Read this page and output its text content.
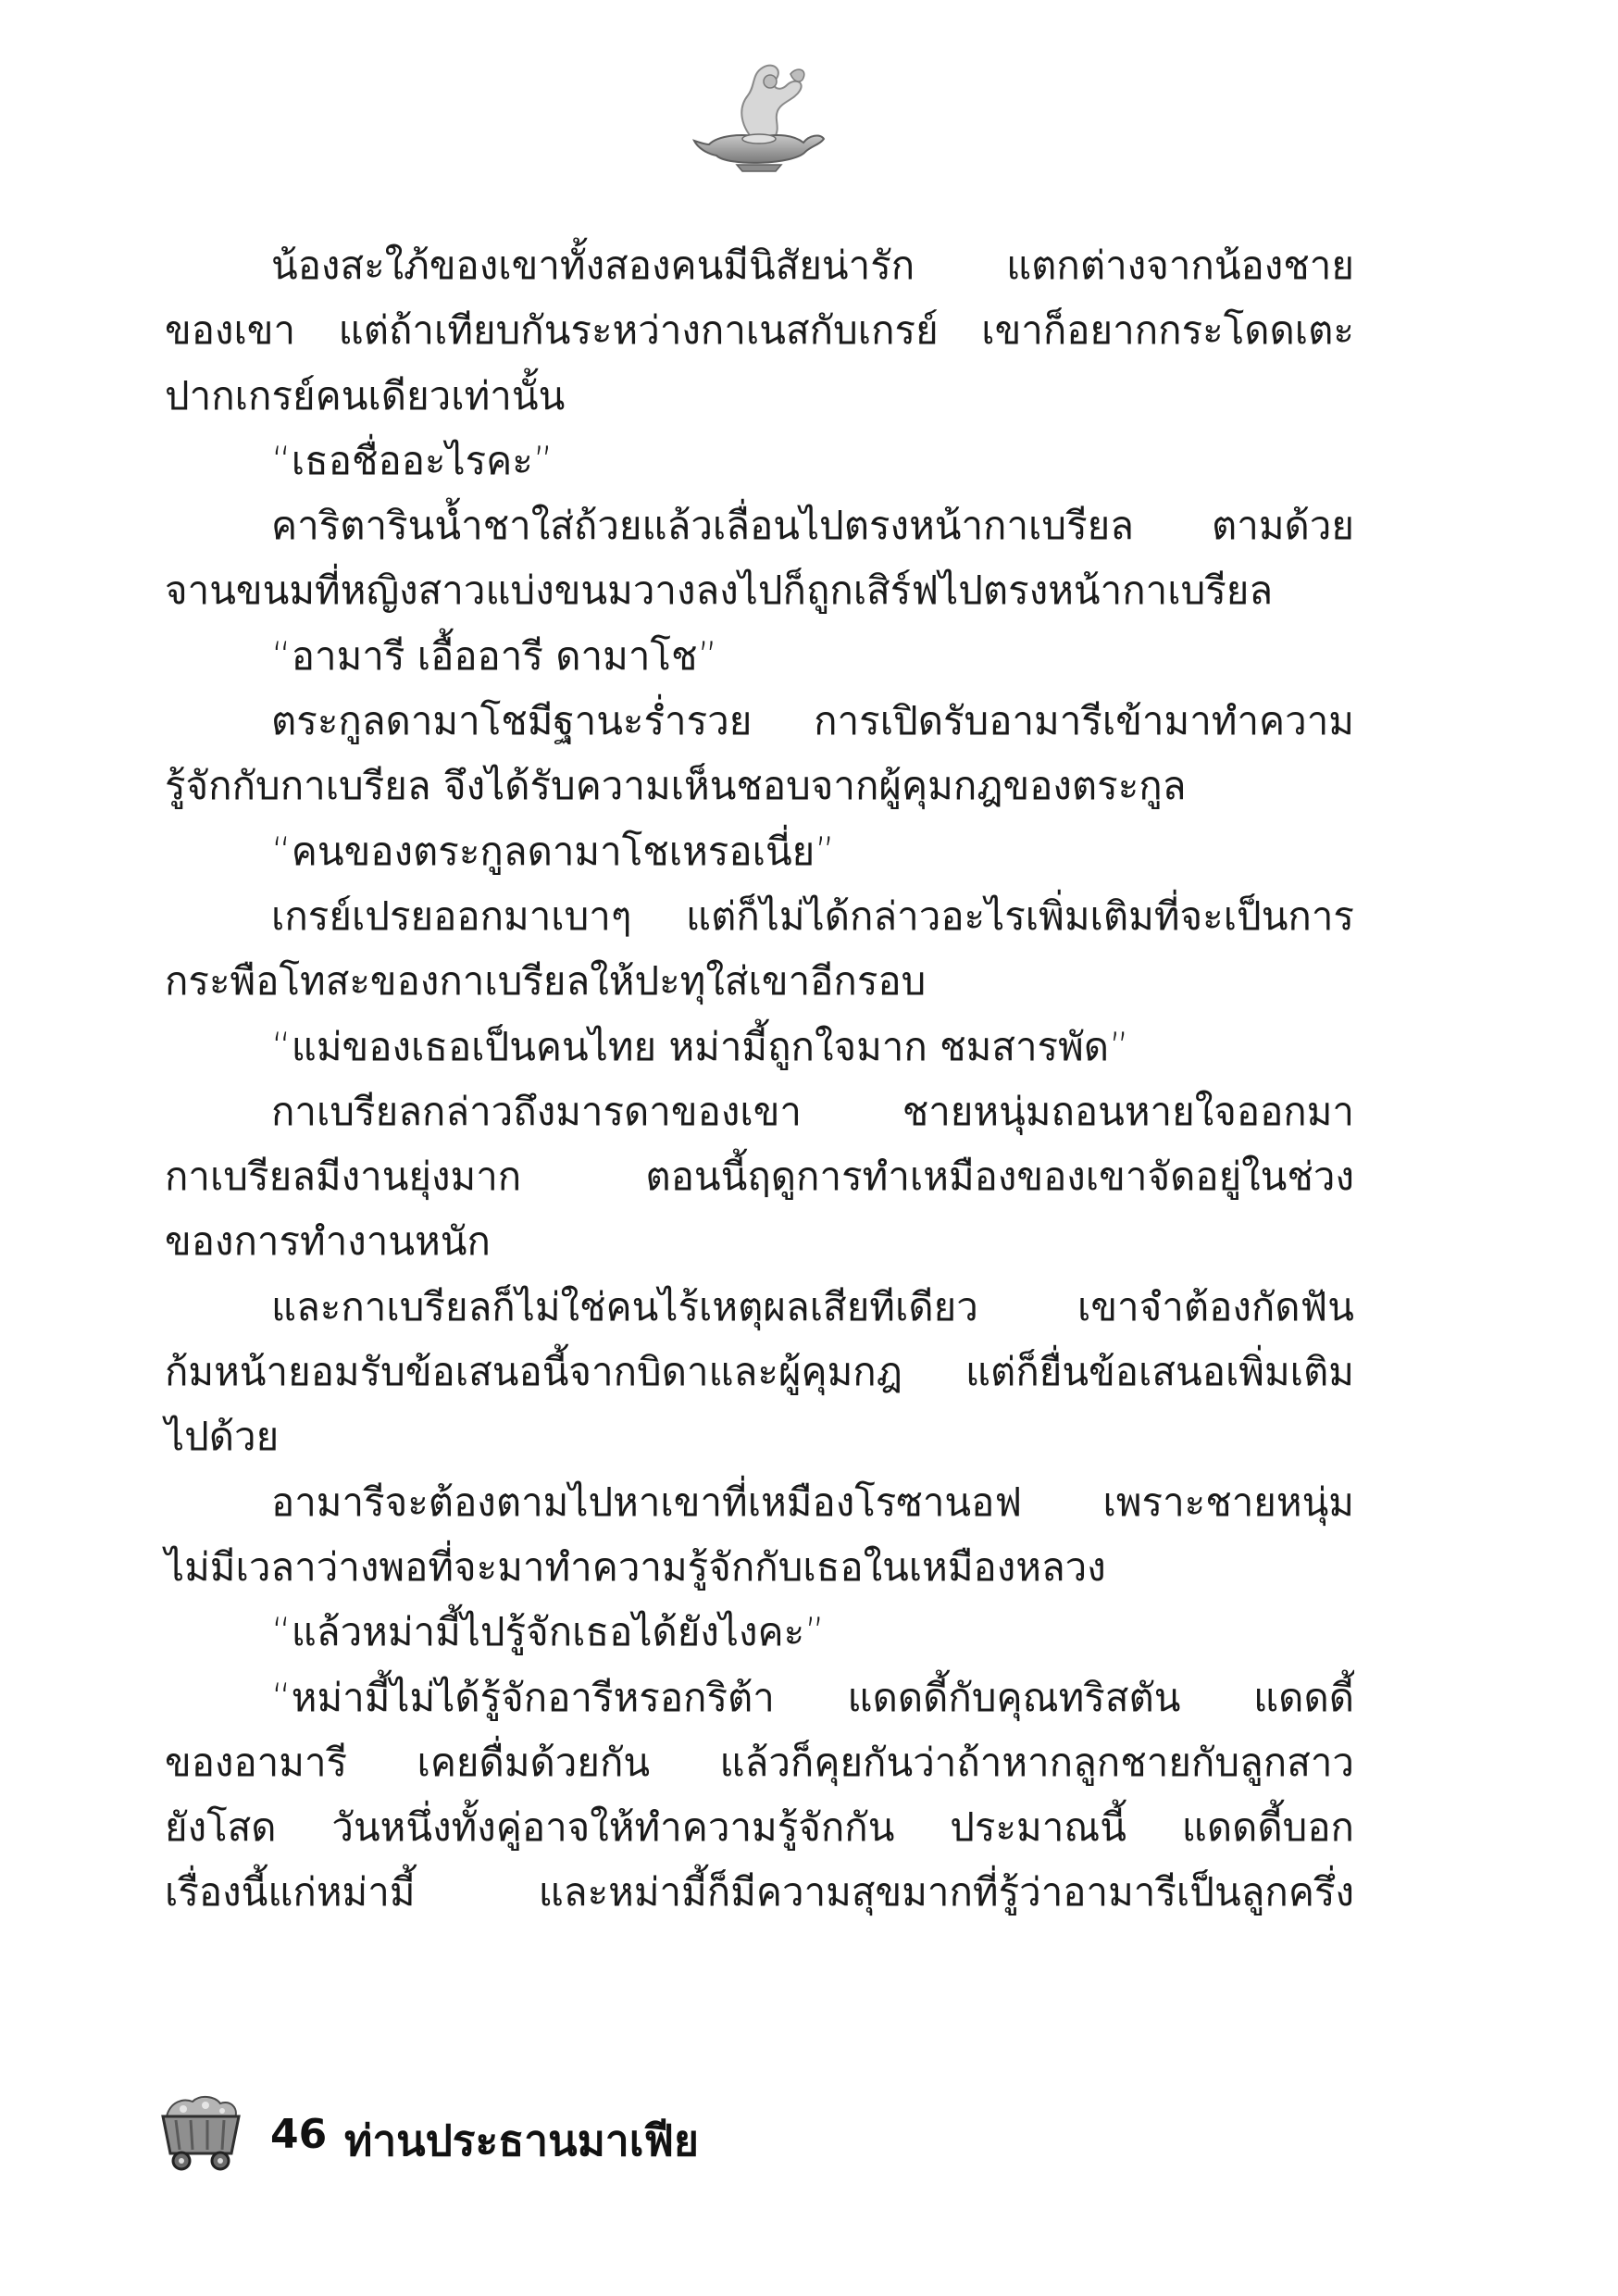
น้องสะใภ้ของเขาทั้งสองคนมีนิสัยน่ารัก แตกต่างจากน้องชาย
ของเขา แต่ถ้าเทียบกันระหว่างกาเนสกับเกรย์ เขาก็อยากกระโดดเตะ
ปากเกรย์คนเดียวเท่านั้น
“เธอชื่ออะไรคะ”
คาริตารินน้ำชาใส่ถ้วยแล้วเลื่อนไปตรงหน้ากาเบรียล ตามด้วย
จานขนมที่หญิงสาวแบ่งขนมวางลงไปก็ถูกเสิร์ฟไปตรงหน้ากาเบรียล
“อามารี เอื้ออารี ดามาโช”
ตระกูลดามาโชมีฐานะร่ำรวย การเปิดรับอามารีเข้ามาทำความ
รู้จักกับกาเบรียล จึงได้รับความเห็นชอบจากผู้คุมกฎของตระกูล
“คนของตระกูลดามาโชเหรอเนี่ย”
เกรย์เปรยออกมาเบาๆ แต่ก็ไม่ได้กล่าวอะไรเพิ่มเติมที่จะเป็นการ
กระพือโทสะของกาเบรียลให้ปะทุใส่เขาอีกรอบ
“แม่ของเธอเป็นคนไทย หม่ามี้ถูกใจมาก ชมสารพัด”
กาเบรียลกล่าวถึงมารดาของเขา ชายหนุ่มถอนหายใจออกมา
กาเบรียลมีงานยุ่งมาก ตอนนี้ฤดูการทำเหมืองของเขาจัดอยู่ในช่วง
ของการทำงานหนัก
และกาเบรียลก็ไม่ใช่คนไร้เหตุผลเสียทีเดียว เขาจำต้องกัดฟัน
ก้มหน้ายอมรับข้อเสนอนี้จากบิดาและผู้คุมกฎ แต่ก็ยื่นข้อเสนอเพิ่มเติม
ไปด้วย
อามารีจะต้องตามไปหาเขาที่เหมืองโรซานอฟ เพราะชายหนุ่ม
ไม่มีเวลาว่างพอที่จะมาทำความรู้จักกับเธอในเหมืองหลวง
“แล้วหม่ามี้ไปรู้จักเธอได้ยังไงคะ”
“หม่ามี้ไม่ได้รู้จักอารีหรอกริต้า แดดดี้กับคุณทริสตัน แดดดี้
ของอามารี เคยดื่มด้วยกัน แล้วก็คุยกันว่าถ้าหากลูกชายกับลูกสาว
ยังโสด วันหนึ่งทั้งคู่อาจให้ทำความรู้จักกัน ประมาณนี้ แดดดี้บอก
เรื่องนี้แก่หม่ามี้ และหม่ามี้ก็มีความสุขมากที่รู้ว่าอามารีเป็นลูกครึ่ง
46 ท่านประธานมาเฟีย
